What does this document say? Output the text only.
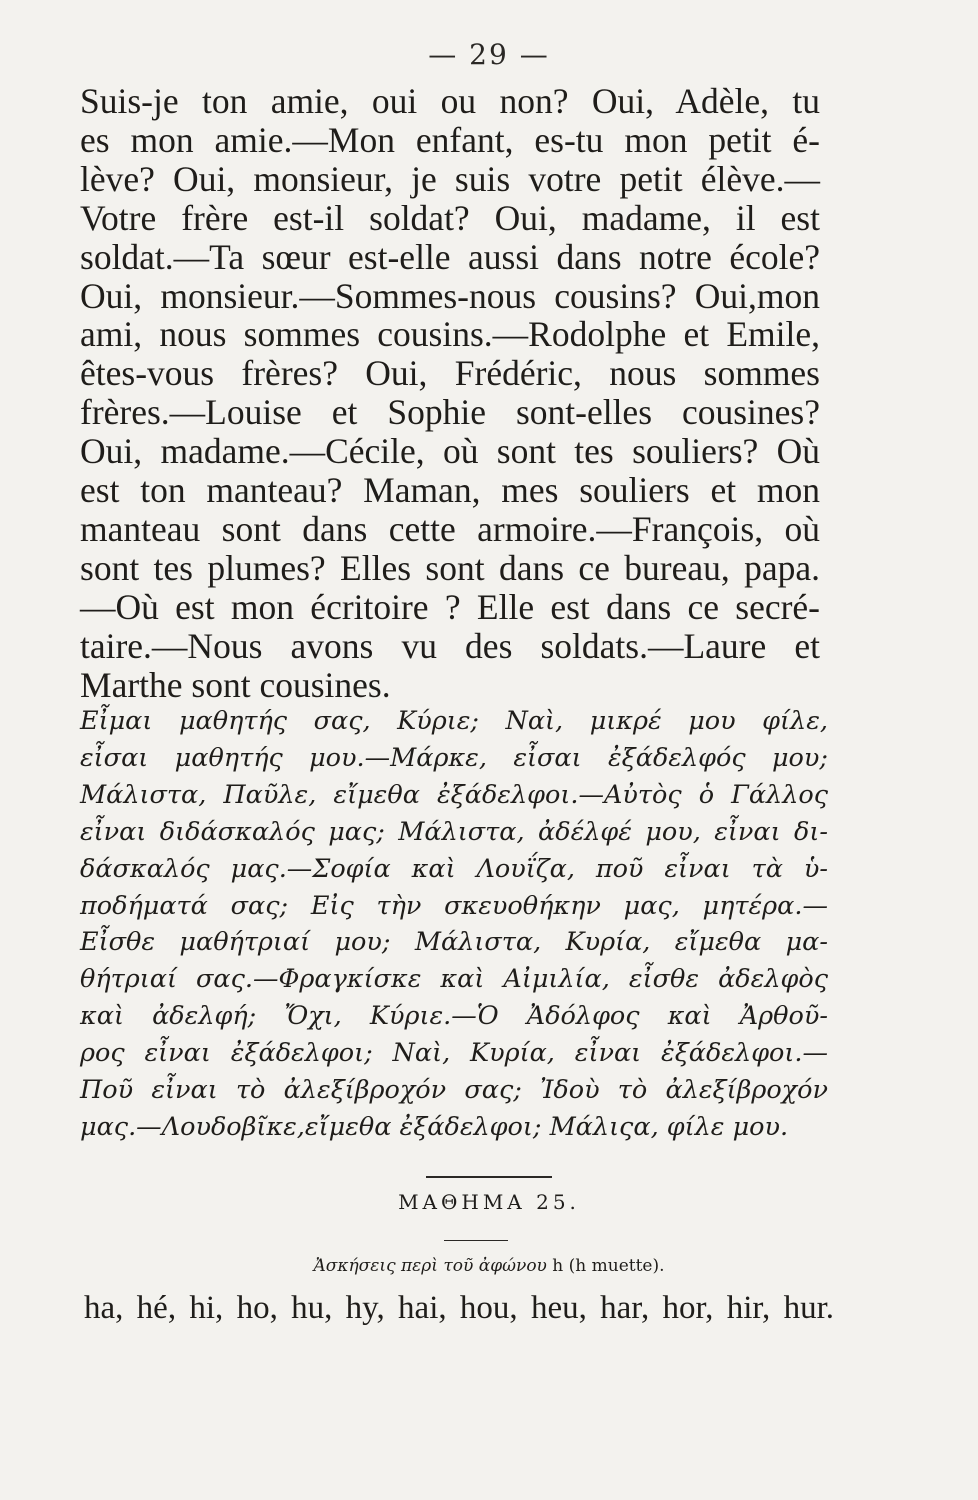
— 29 —
Suis-je ton amie, oui ou non? Oui, Adèle, tu
es mon amie.—Mon enfant, es-tu mon petit é-
lève? Oui, monsieur, je suis votre petit élève.—
Votre frère est-il soldat? Oui, madame, il est
soldat.—Ta sœur est-elle aussi dans notre école?
Oui, monsieur.—Sommes-nous cousins? Oui,mon
ami, nous sommes cousins.—Rodolphe et Emile,
êtes-vous frères? Oui, Frédéric, nous sommes
frères.—Louise et Sophie sont-elles cousines?
Oui, madame.—Cécile, où sont tes souliers? Où
est ton manteau? Maman, mes souliers et mon
manteau sont dans cette armoire.—François, où
sont tes plumes? Elles sont dans ce bureau, papa.
—Où est mon écritoire ? Elle est dans ce secré-
taire.—Nous avons vu des soldats.—Laure et
Marthe sont cousines.
Εἶμαι μαθητής σας, Κύριε; Ναὶ, μικρέ μου φίλε,
εἶσαι μαθητής μου.—Μάρκε, εἶσαι ἐξάδελφός μου;
Μάλιστα, Παῦλε, εἴμεθα ἐξάδελφοι.—Αὐτὸς ὁ Γάλλος
εἶναι διδάσκαλός μας; Μάλιστα, ἀδέλφέ μου, εἶναι δι-
δάσκαλός μας.—Σοφία καὶ Λουΐζα, ποῦ εἶναι τὰ ὑ-
ποδήματά σας; Εἰς τὴν σκευοθήκην μας, μητέρα.—
Εἶσθε μαθήτριαί μου; Μάλιστα, Κυρία, εἴμεθα μα-
θήτριαί σας.—Φραγκίσκε καὶ Αἰμιλία, εἶσθε ἀδελφὸς
καὶ ἀδελφή; Ὄχι, Κύριε.—Ὁ Ἀδόλφος καὶ Ἀρθοῦ-
ρος εἶναι ἐξάδελφοι; Ναὶ, Κυρία, εἶναι ἐξάδελφοι.—
Ποῦ εἶναι τὸ ἀλεξίβροχόν σας; Ἰδοὺ τὸ ἀλεξίβροχόν
μας.—Λουδοβῖκε,εἴμεθα ἐξάδελφοι; Μάλιςα, φίλε μου.
ΜΑΘΗΜΑ 25.
Ἀσκήσεις περὶ τοῦ ἀφώνου h (h muette).
ha, hé, hi, ho, hu, hy, hai, hou, heu, har, hor, hir, hur.
